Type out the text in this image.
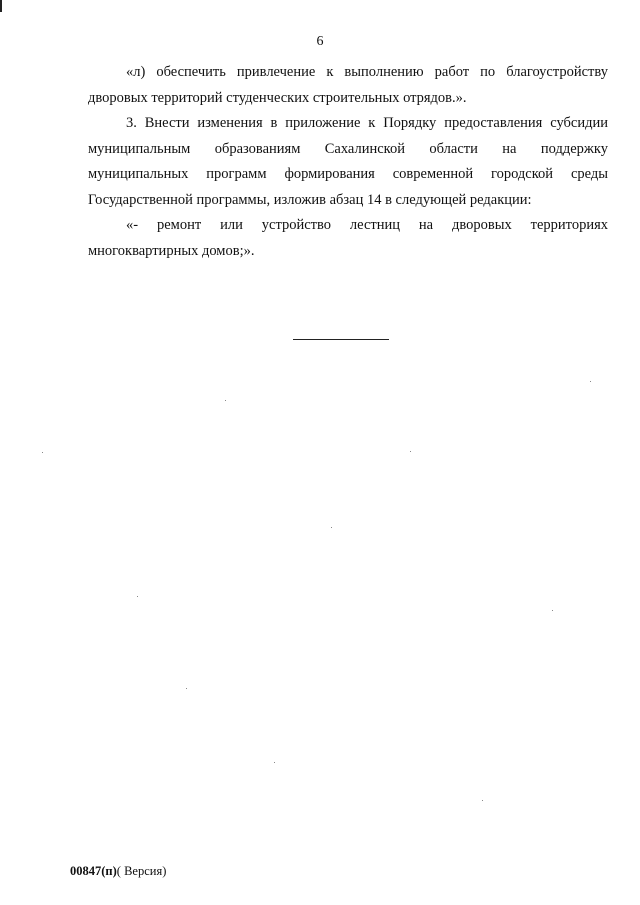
6

«л) обеспечить привлечение к выполнению работ по благоустройству дворовых территорий студенческих строительных отрядов.».

3. Внести изменения в приложение к Порядку предоставления субсидии муниципальным образованиям Сахалинской области на поддержку муниципальных программ формирования современной городской среды Государственной программы, изложив абзац 14 в следующей редакции:

«- ремонт или устройство лестниц на дворовых территориях многоквартирных домов;».

00847(п)( Версия)
